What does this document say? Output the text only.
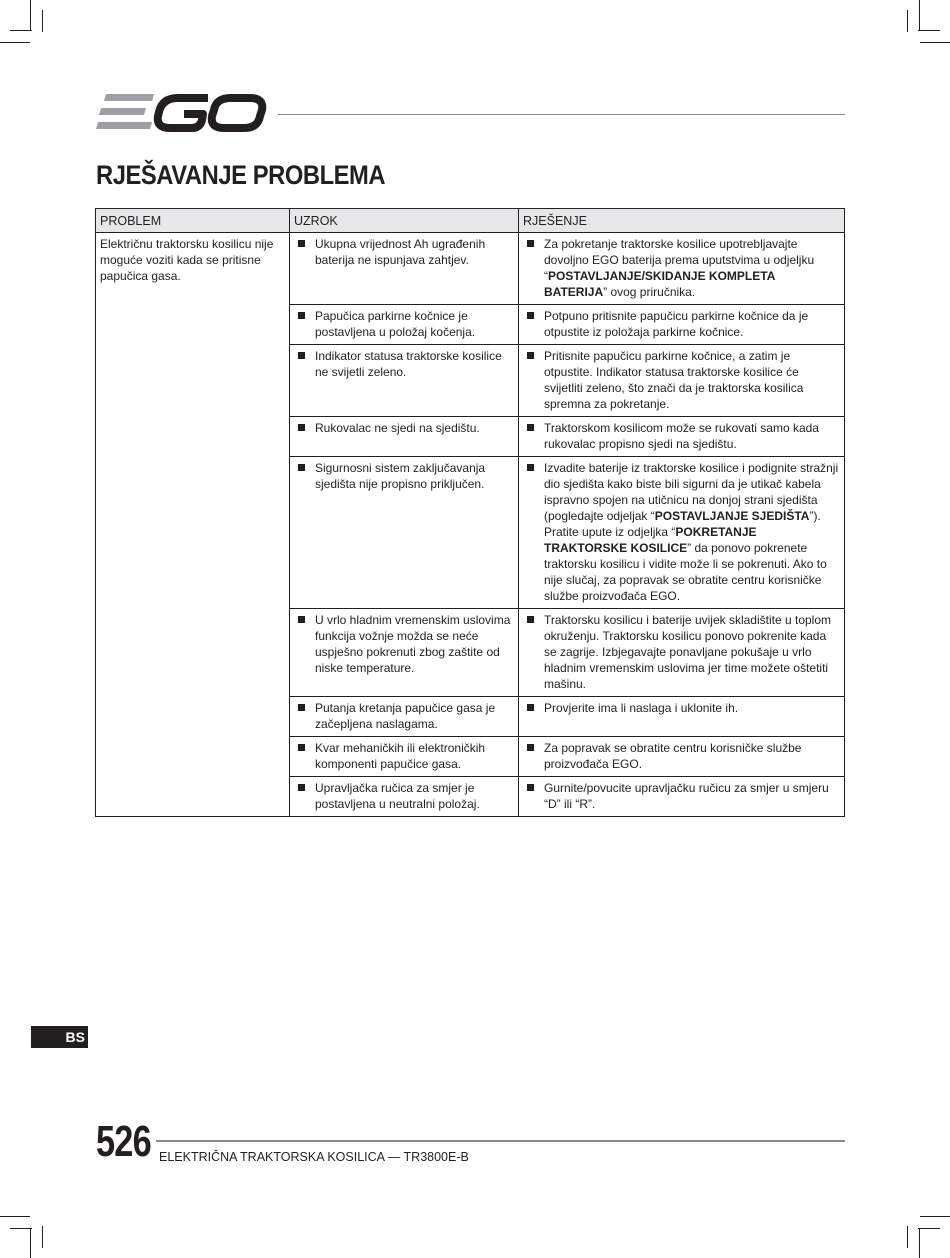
RJEŠAVANJE PROBLEMA
PROBLEM	UZROK	RJEŠENJE
Električnu traktorsku kosilicu nije moguće voziti kada se pritisne papučica gasa.	Ukupna vrijednost Ah ugrađenih baterija ne ispunjava zahtjev.	Za pokretanje traktorske kosilice upotrebljavajte dovoljno EGO baterija prema uputstvima u odjeljku “POSTAVLJANJE/SKIDANJE KOMPLETA BATERIJA” ovog priručnika.

	Papučica parkirne kočnice je postavljena u položaj kočenja.	Potpuno pritisnite papučicu parkirne kočnice da je otpustite iz položaja parkirne kočnice.

	Indikator statusa traktorske kosilice ne svijetli zeleno.	Pritisnite papučicu parkirne kočnice, a zatim je otpustite. Indikator statusa traktorske kosilice će svijetliti zeleno, što znači da je traktorska kosilica spremna za pokretanje.

	Rukovalac ne sjedi na sjedištu.	Traktorskom kosilicom može se rukovati samo kada rukovalac propisno sjedi na sjedištu.

	Sigurnosni sistem zaključavanja sjedišta nije propisno priključen.	Izvadite baterije iz traktorske kosilice i podignite stražnji dio sjedišta kako biste bili sigurni da je utikač kabela ispravno spojen na utičnicu na donjoj strani sjedišta (pogledajte odjeljak “POSTAVLJANJE SJEDIŠTA”). Pratite upute iz odjeljka “POKRETANJE TRAKTORSKE KOSILICE” da ponovo pokrenete traktorsku kosilicu i vidite može li se pokrenuti. Ako to nije slučaj, za popravak se obratite centru korisničke službe proizvođača EGO.

	U vrlo hladnim vremenskim uslovima funkcija vožnje možda se neće uspješno pokrenuti zbog zaštite od niske temperature.	Traktorsku kosilicu i baterije uvijek skladištite u toplom okruženju. Traktorsku kosilicu ponovo pokrenite kada se zagrije. Izbjegavajte ponavljane pokušaje u vrlo hladnim vremenskim uslovima jer time možete oštetiti mašinu.

	Putanja kretanja papučice gasa je začepljena naslagama.	Provjerite ima li naslaga i uklonite ih.

	Kvar mehaničkih ili elektroničkih komponenti papučice gasa.	Za popravak se obratite centru korisničke službe proizvođača EGO.

	Upravljačka ručica za smjer je postavljena u neutralni položaj.	Gurnite/povucite upravljačku ručicu za smjer u smjeru “D” ili “R”.
BS
526 ELEKTRIČNA TRAKTORSKA KOSILICA — TR3800E-B
